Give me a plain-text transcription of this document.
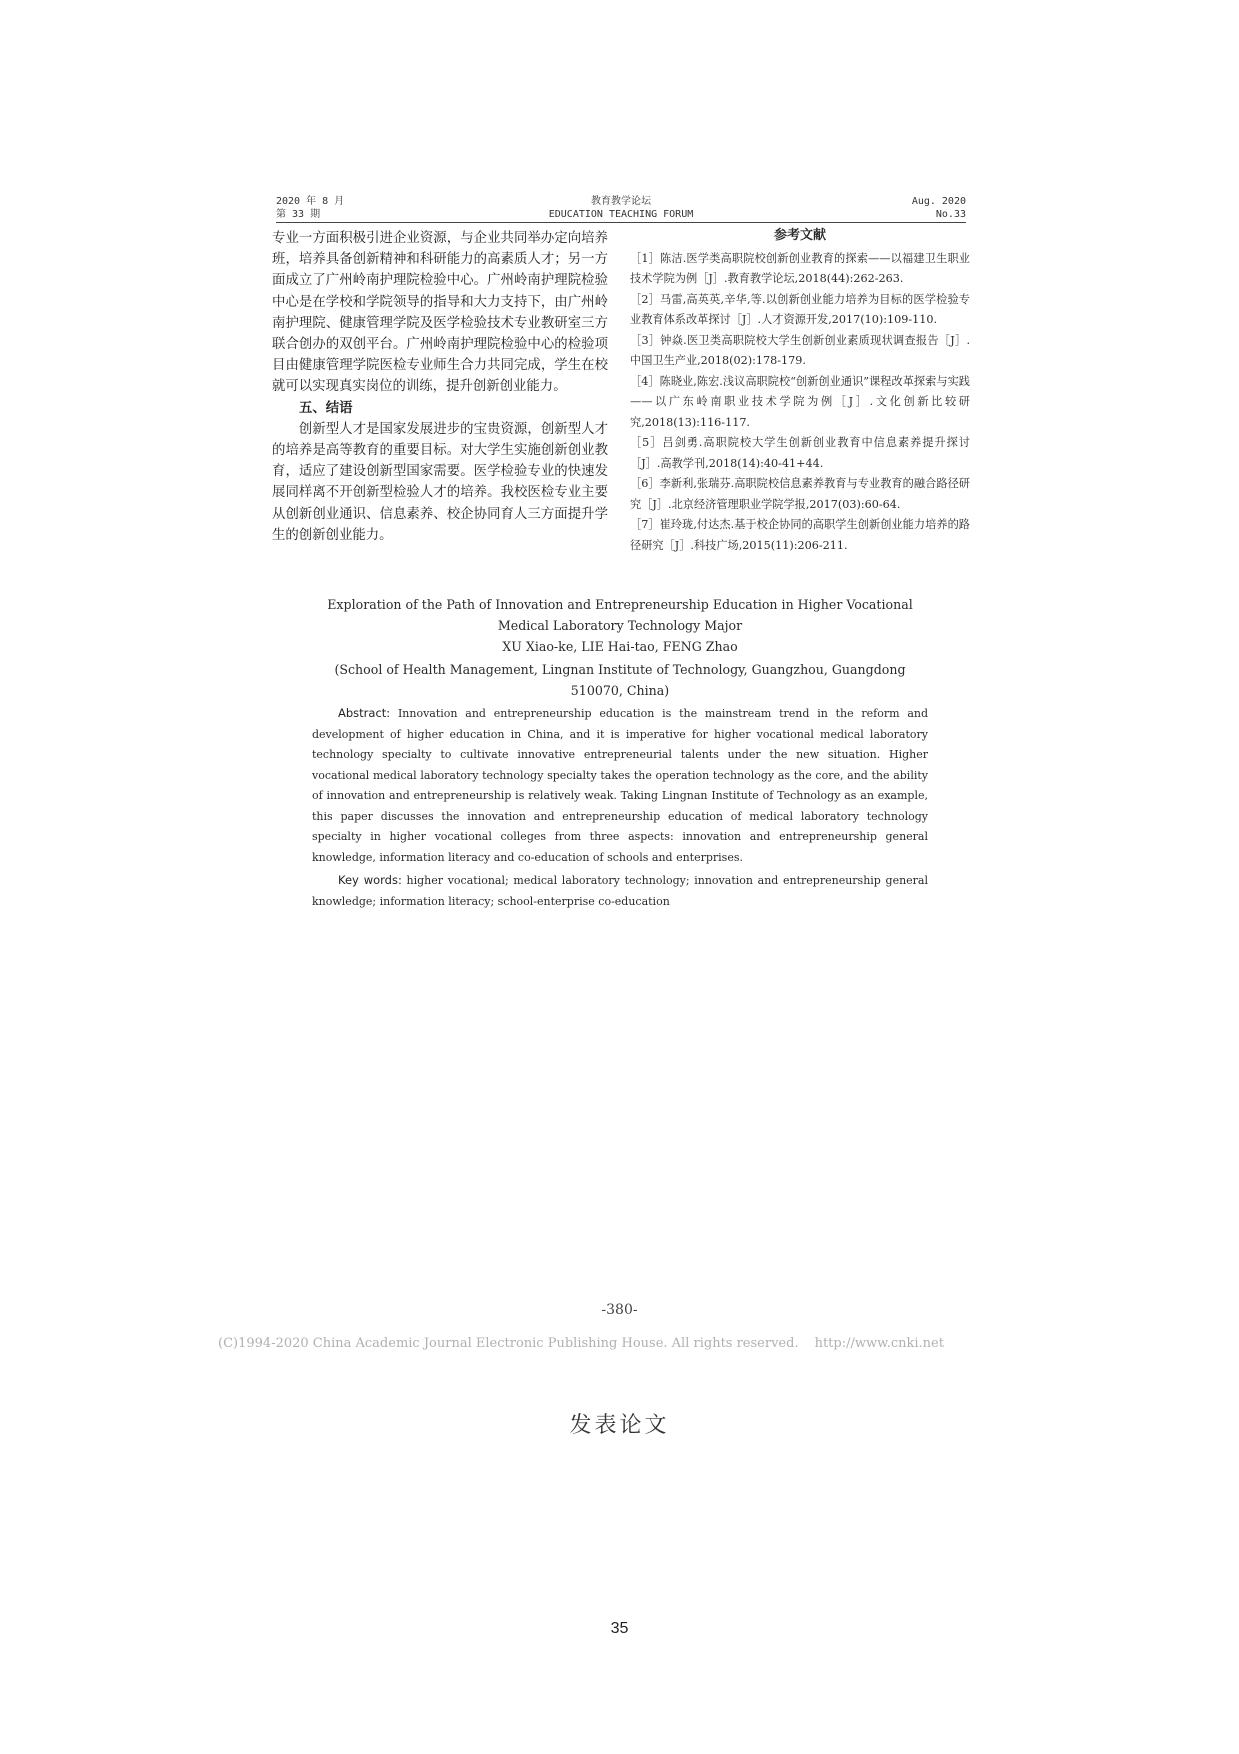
2020 年 8 月
第 33 期
教育教学论坛
EDUCATION TEACHING FORUM
Aug. 2020
No.33

专业一方面积极引进企业资源，与企业共同举办定向培养班，培养具备创新精神和科研能力的高素质人才；另一方面成立了广州岭南护理院检验中心。广州岭南护理院检验中心是在学校和学院领导的指导和大力支持下，由广州岭南护理院、健康管理学院及医学检验技术专业教研室三方联合创办的双创平台。广州岭南护理院检验中心的检验项目由健康管理学院医检专业师生合力共同完成，学生在校就可以实现真实岗位的训练，提升创新创业能力。

五、结语

创新型人才是国家发展进步的宝贵资源，创新型人才的培养是高等教育的重要目标。对大学生实施创新创业教育，适应了建设创新型国家需要。医学检验专业的快速发展同样离不开创新型检验人才的培养。我校医检专业主要从创新创业通识、信息素养、校企协同育人三方面提升学生的创新创业能力。

参考文献

［1］陈洁.医学类高职院校创新创业教育的探索——以福建卫生职业技术学院为例［J］.教育教学论坛,2018(44):262-263.

［2］马雷,高英英,辛华,等.以创新创业能力培养为目标的医学检验专业教育体系改革探讨［J］.人才资源开发,2017(10):109-110.

［3］钟焱.医卫类高职院校大学生创新创业素质现状调查报告［J］.中国卫生产业,2018(02):178-179.

［4］陈晓业,陈宏.浅议高职院校“创新创业通识”课程改革探索与实践——以广东岭南职业技术学院为例［J］.文化创新比较研究,2018(13):116-117.

［5］吕剑勇.高职院校大学生创新创业教育中信息素养提升探讨［J］.高教学刊,2018(14):40-41+44.

［6］李新利,张瑞芬.高职院校信息素养教育与专业教育的融合路径研究［J］.北京经济管理职业学院学报,2017(03):60-64.

［7］崔玲珑,付达杰.基于校企协同的高职学生创新创业能力培养的路径研究［J］.科技广场,2015(11):206-211.

Exploration of the Path of Innovation and Entrepreneurship Education in Higher Vocational Medical Laboratory Technology Major
XU Xiao-ke, LIE Hai-tao, FENG Zhao
(School of Health Management, Lingnan Institute of Technology, Guangzhou, Guangdong 510070, China)
Abstract: Innovation and entrepreneurship education is the mainstream trend in the reform and development of higher education in China, and it is imperative for higher vocational medical laboratory technology specialty to cultivate innovative entrepreneurial talents under the new situation. Higher vocational medical laboratory technology specialty takes the operation technology as the core, and the ability of innovation and entrepreneurship is relatively weak. Taking Lingnan Institute of Technology as an example, this paper discusses the innovation and entrepreneurship education of medical laboratory technology specialty in higher vocational colleges from three aspects: innovation and entrepreneurship general knowledge, information literacy and co-education of schools and enterprises.
Key words: higher vocational; medical laboratory technology; innovation and entrepreneurship general knowledge; information literacy; school-enterprise co-education
-380-
(C)1994-2020 China Academic Journal Electronic Publishing House. All rights reserved. http://www.cnki.net
发表论文
35
